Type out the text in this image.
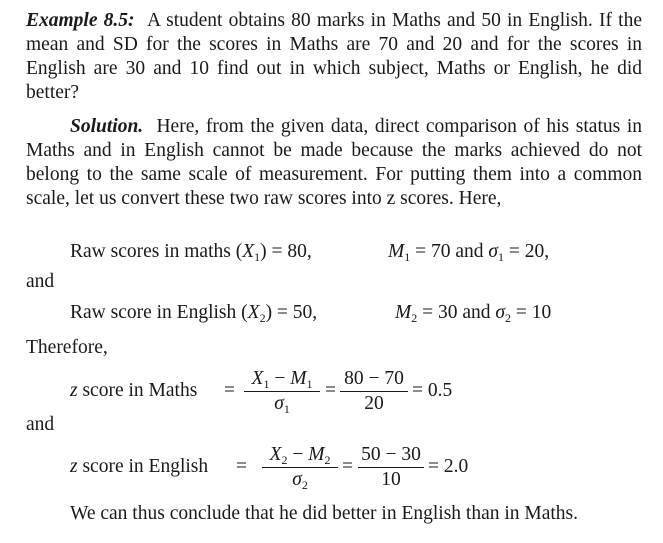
Example 8.5: A student obtains 80 marks in Maths and 50 in English. If the mean and SD for the scores in Maths are 70 and 20 and for the scores in English are 30 and 10 find out in which subject, Maths or English, he did better?
Solution. Here, from the given data, direct comparison of his status in Maths and in English cannot be made because the marks achieved do not belong to the same scale of measurement. For putting them into a common scale, let us convert these two raw scores into z scores. Here,
Raw scores in maths $(X_1) = 80$,	$M_1 = 70$ and $\sigma_1 = 20$,
and
Raw score in English $(X_2) = 50$,	$M_2 = 30$ and $\sigma_2 = 10$
Therefore,
z score in Maths = $\frac{X_1 - M_1}{\sigma_1} = \frac{80 - 70}{20} = 0.5$
and
z score in English = $\frac{X_2 - M_2}{\sigma_2} = \frac{50 - 30}{10} = 2.0$
We can thus conclude that he did better in English than in Maths.
